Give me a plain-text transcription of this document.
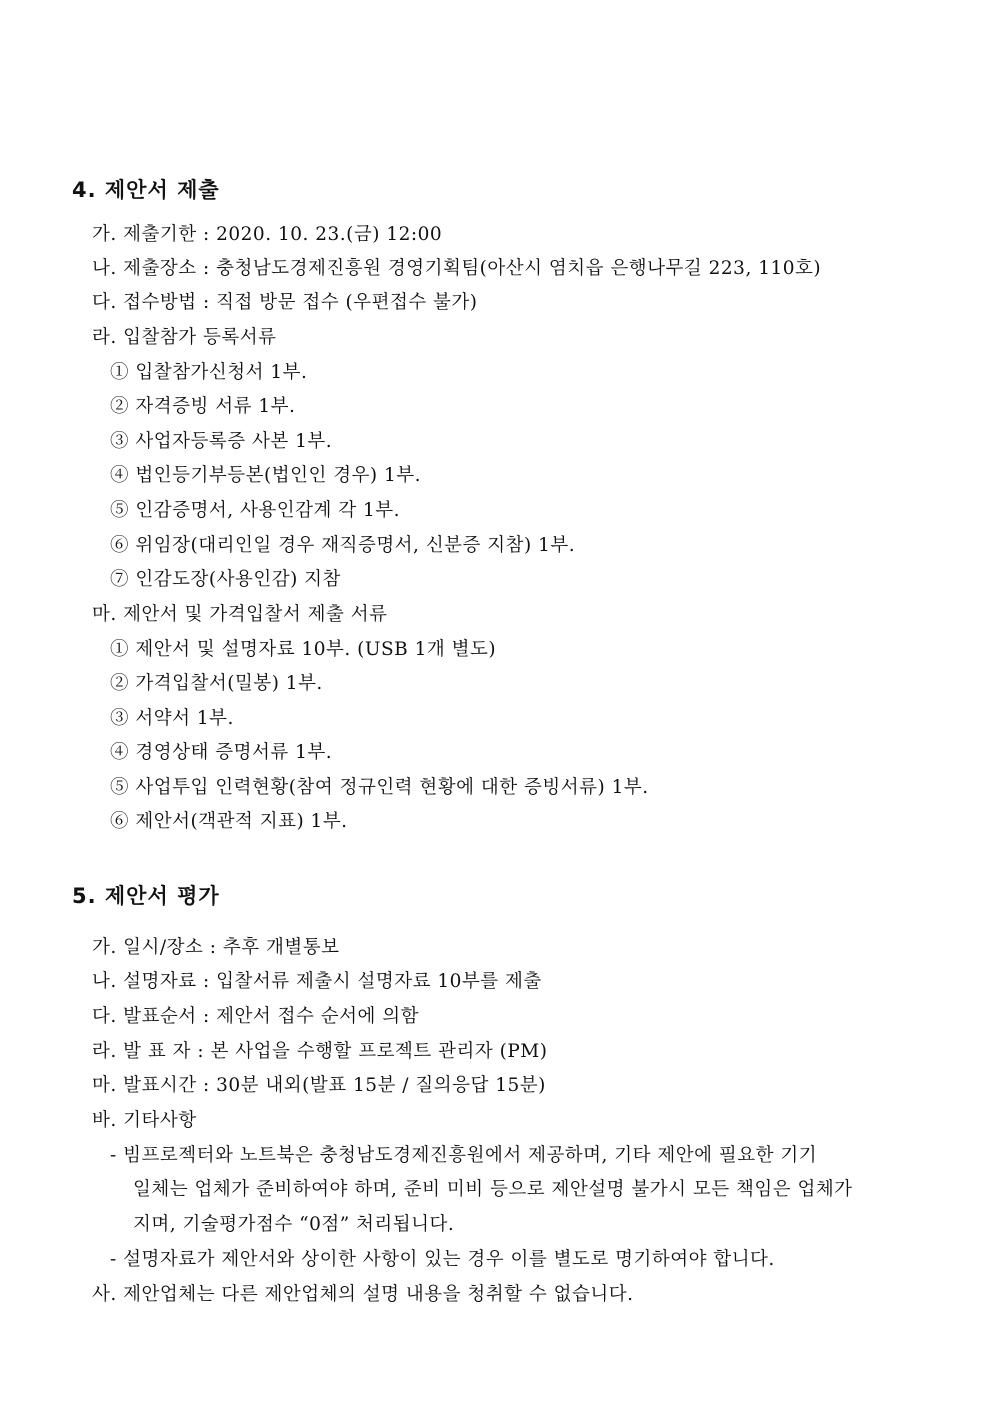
4. 제안서 제출
가. 제출기한 : 2020. 10. 23.(금) 12:00
나. 제출장소 : 충청남도경제진흥원 경영기획팀(아산시 염치읍 은행나무길 223, 110호)
다. 접수방법 : 직접 방문 접수 (우편접수 불가)
라. 입찰참가 등록서류
① 입찰참가신청서 1부.
② 자격증빙 서류 1부.
③ 사업자등록증 사본 1부.
④ 법인등기부등본(법인인 경우) 1부.
⑤ 인감증명서, 사용인감계 각 1부.
⑥ 위임장(대리인일 경우 재직증명서, 신분증 지참) 1부.
⑦ 인감도장(사용인감) 지참
마. 제안서 및 가격입찰서 제출 서류
① 제안서 및 설명자료 10부. (USB 1개 별도)
② 가격입찰서(밀봉) 1부.
③ 서약서 1부.
④ 경영상태 증명서류 1부.
⑤ 사업투입 인력현황(참여 정규인력 현황에 대한 증빙서류) 1부.
⑥ 제안서(객관적 지표) 1부.
5. 제안서 평가
가. 일시/장소 : 추후 개별통보
나. 설명자료 : 입찰서류 제출시 설명자료 10부를 제출
다. 발표순서 : 제안서 접수 순서에 의함
라. 발 표 자 : 본 사업을 수행할 프로젝트 관리자 (PM)
마. 발표시간 : 30분 내외(발표 15분 / 질의응답 15분)
바. 기타사항
- 빔프로젝터와 노트북은 충청남도경제진흥원에서 제공하며, 기타 제안에 필요한 기기
일체는 업체가 준비하여야 하며, 준비 미비 등으로 제안설명 불가시 모든 책임은 업체가
지며, 기술평가점수 “0점” 처리됩니다.
- 설명자료가 제안서와 상이한 사항이 있는 경우 이를 별도로 명기하여야 합니다.
사. 제안업체는 다른 제안업체의 설명 내용을 청취할 수 없습니다.
